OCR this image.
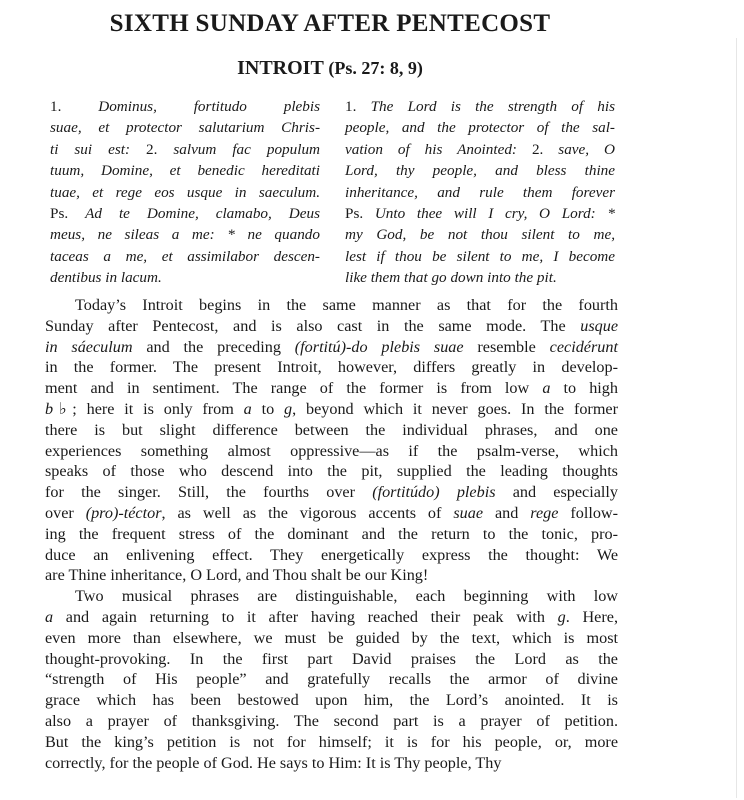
SIXTH SUNDAY AFTER PENTECOST
INTROIT (Ps. 27: 8, 9)
1. Dominus, fortitudo plebis
suae, et protector salutarium Chris-
ti sui est: 2. salvum fac populum
tuum, Domine, et benedic hereditati
tuae, et rege eos usque in saeculum.
Ps. Ad te Domine, clamabo, Deus
meus, ne sileas a me: * ne quando
taceas a me, et assimilabor descen-
dentibus in lacum.
1. The Lord is the strength of his
people, and the protector of the sal-
vation of his Anointed: 2. save, O
Lord, thy people, and bless thine
inheritance, and rule them forever
Ps. Unto thee will I cry, O Lord: *
my God, be not thou silent to me,
lest if thou be silent to me, I become
like them that go down into the pit.
Today’s Introit begins in the same manner as that for the fourth
Sunday after Pentecost, and is also cast in the same mode. The usque
in sáeculum and the preceding (fortitú)-do plebis suae resemble cecidérunt
in the former. The present Introit, however, differs greatly in develop-
ment and in sentiment. The range of the former is from low a to high
b♭; here it is only from a to g, beyond which it never goes. In the former
there is but slight difference between the individual phrases, and one
experiences something almost oppressive—as if the psalm-verse, which
speaks of those who descend into the pit, supplied the leading thoughts
for the singer. Still, the fourths over (fortitúdo) plebis and especially
over (pro)-téctor, as well as the vigorous accents of suae and rege follow-
ing the frequent stress of the dominant and the return to the tonic, pro-
duce an enlivening effect. They energetically express the thought: We
are Thine inheritance, O Lord, and Thou shalt be our King!
Two musical phrases are distinguishable, each beginning with low
a and again returning to it after having reached their peak with g. Here,
even more than elsewhere, we must be guided by the text, which is most
thought-provoking. In the first part David praises the Lord as the
“strength of His people” and gratefully recalls the armor of divine
grace which has been bestowed upon him, the Lord’s anointed. It is
also a prayer of thanksgiving. The second part is a prayer of petition.
But the king’s petition is not for himself; it is for his people, or, more
correctly, for the people of God. He says to Him: It is Thy people, Thy
